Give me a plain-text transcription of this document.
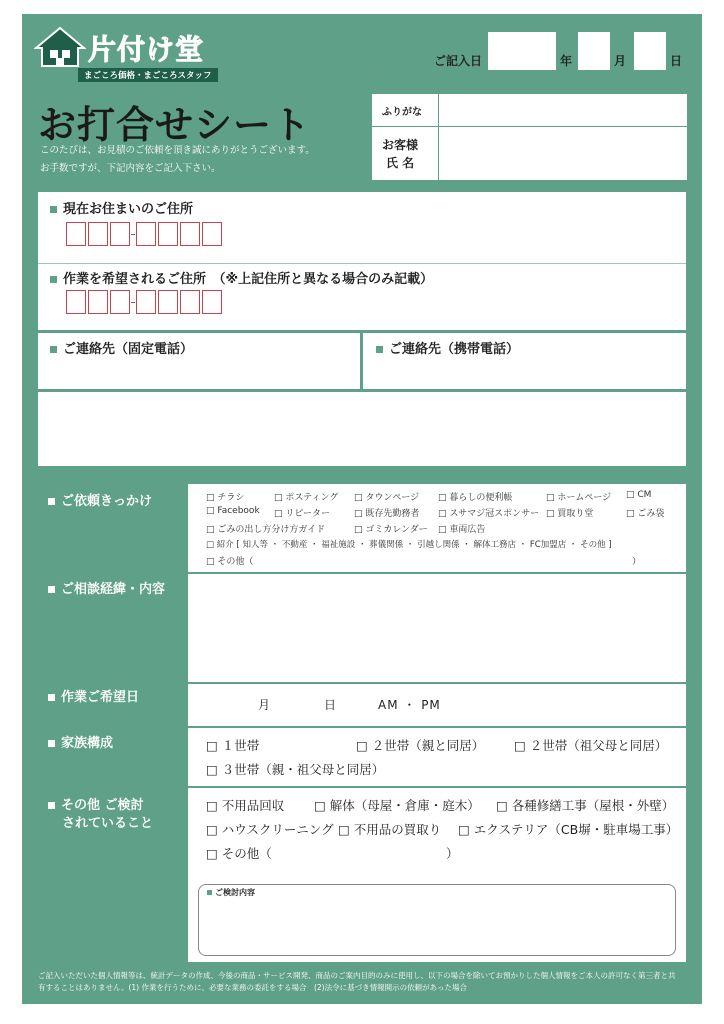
片付け堂
まごころ価格・まごころスタッフ
ご記入日	年	月	日
お打合せシート
このたびは、お見積のご依頼を頂き誠にありがとうございます。
お手数ですが、下記内容をご記入下さい。
ふりがな
お客様
氏 名
現在お住まいのご住所
作業を希望されるご住所　 （※上記住所と異なる場合のみ記載）
ご連絡先（固定電話）	ご連絡先（携帯電話）
ご依頼きっかけ	□ チラシ	□ ポスティング □ タウンページ □ 暮らしの便利帳	□ ホームページ □ CM
□ Facebook □ リピーター	□ 既存先勤務者 □ スサマジ冠スポンサー □ 買取り堂	□ ごみ袋
□ ごみの出し方分け方ガイド	□ ゴミカレンダー □ 車両広告
□ 紹介 [ 知人等 ・ 不動産 ・ 福祉施設 ・ 葬儀関係 ・ 引越し関係 ・ 解体工務店 ・ FC加盟店 ・ その他 ]
□ その他（	）
ご相談経緯・内容
作業ご希望日	月	日	AM ・ PM
家族構成	□ １世帯	□ ２世帯（親と同居） □ ２世帯（祖父母と同居）
□ ３世帯（親・祖父母と同居）
その他 ご検討
されていること
□ 不用品回収 □ 解体（母屋・倉庫・庭木） □ 各種修繕工事（屋根・外壁）
□ ハウスクリーニング □ 不用品の買取り □ エクステリア（CB塀・駐車場工事）
□ その他（	）
ご検討内容
ご記入いただいた個人情報等は、統計データの作成、今後の商品・サービス開発、商品のご案内目的のみに使用し、以下の場合を除いてお預かりした個人情報をご本人の許可なく第三者と共
有することはありません。(1) 作業を行うために、必要な業務の委託をする場合　(2)法令に基づき情報開示の依頼があった場合
